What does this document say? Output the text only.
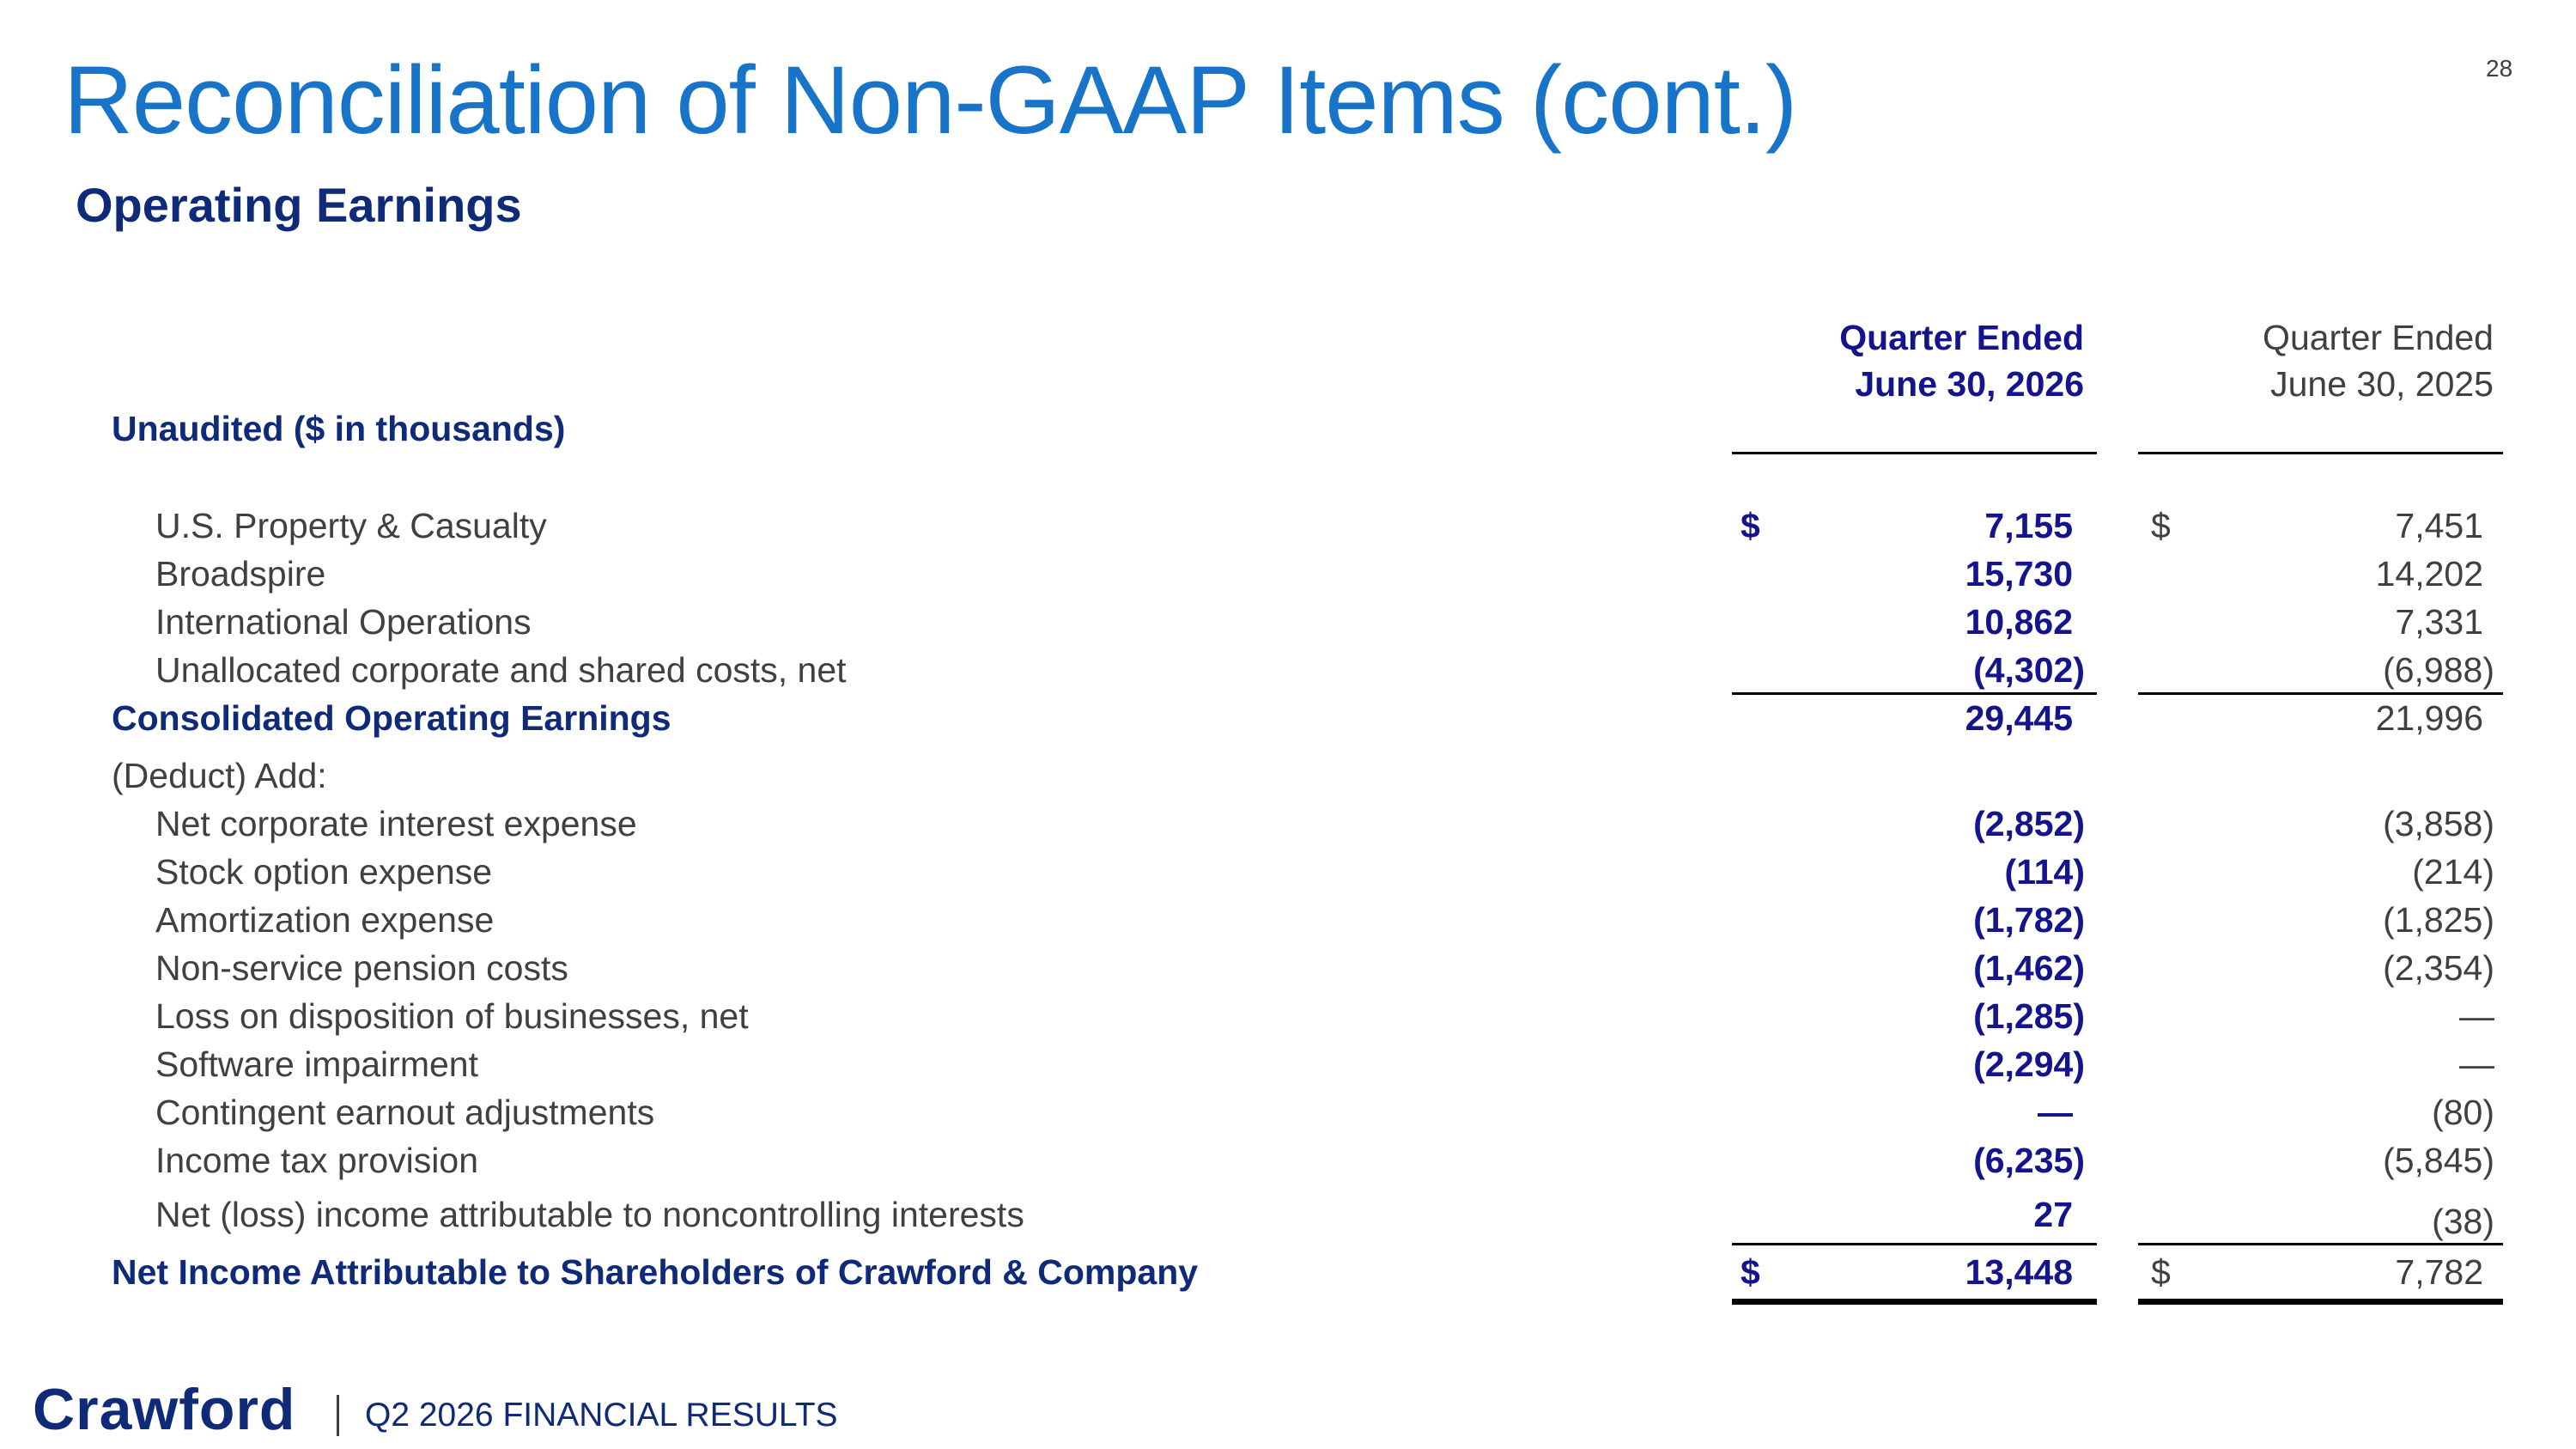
28
Reconciliation of Non-GAAP Items (cont.)
Operating Earnings
Quarter Ended
June 30, 2026
Quarter Ended
June 30, 2025
Unaudited ($ in thousands)
U.S. Property & Casualty	$	7,155 $	7,451
Broadspire	15,730	14,202
International Operations	10,862	7,331
Unallocated corporate and shared costs, net	(4,302)	(6,988)
Consolidated Operating Earnings	29,445	21,996
(Deduct) Add:
Net corporate interest expense	(2,852)	(3,858)
Stock option expense	(114)	(214)
Amortization expense	(1,782)	(1,825)
Non-service pension costs	(1,462)	(2,354)
Loss on disposition of businesses, net	(1,285)	—
Software impairment	(2,294)	—
Contingent earnout adjustments	—	(80)
Income tax provision	(6,235)	(5,845)
Net (loss) income attributable to noncontrolling interests	27	(38)
Net Income Attributable to Shareholders of Crawford & Company	$	13,448 $	7,782
Crawford Q2 2026 FINANCIAL RESULTS
